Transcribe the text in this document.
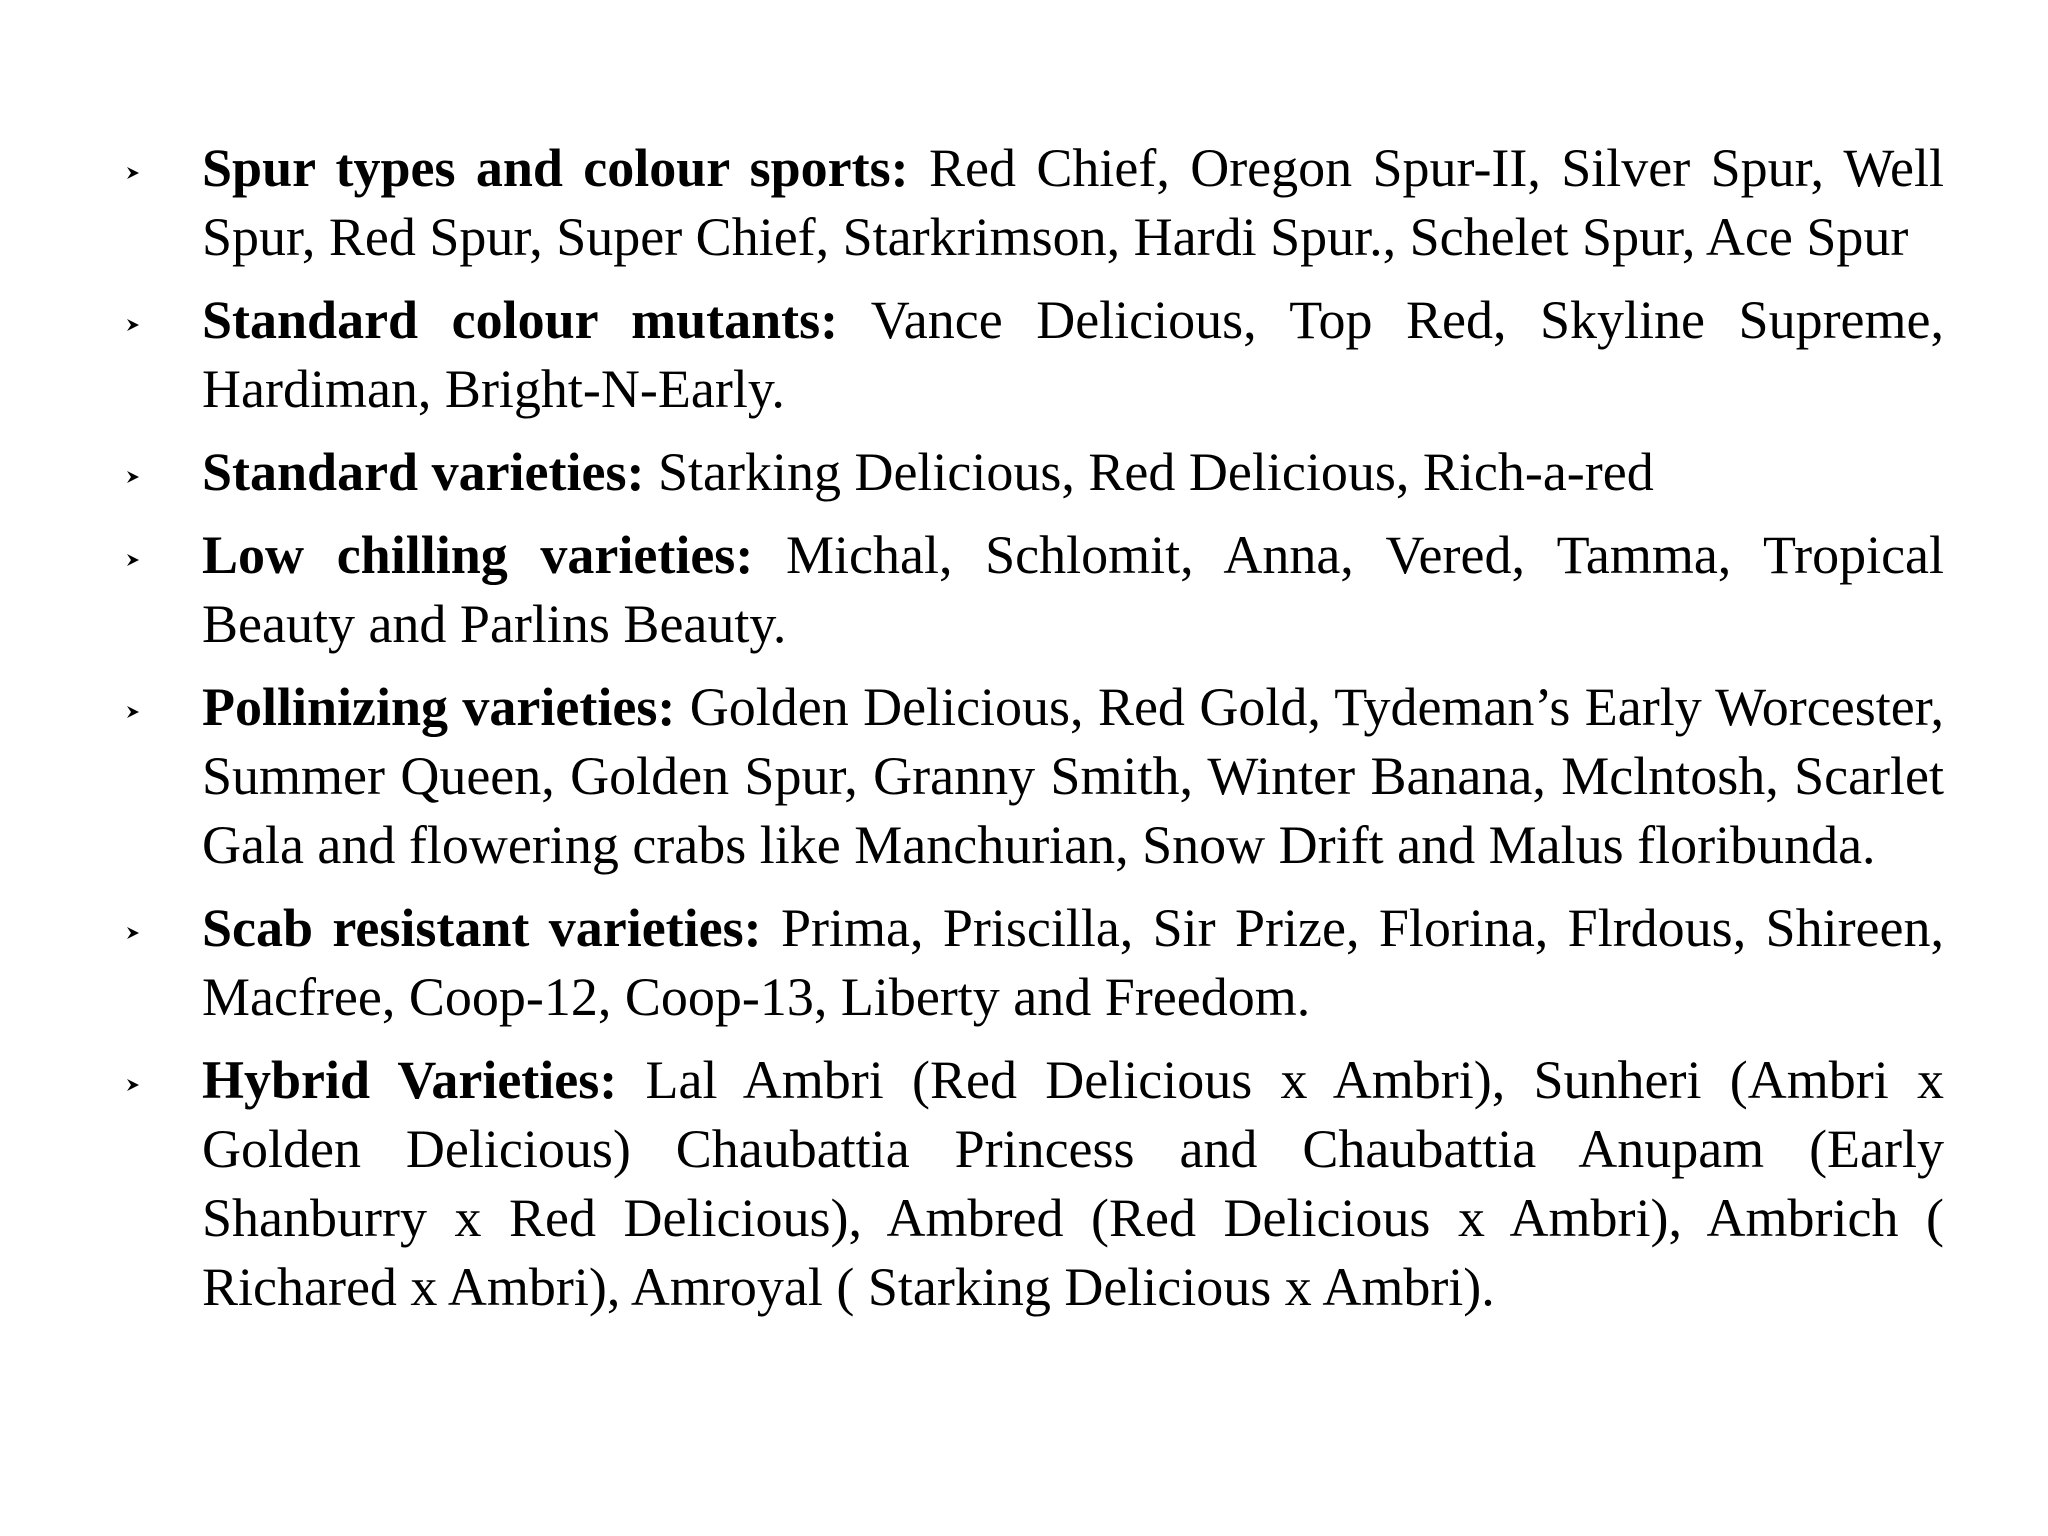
Spur types and colour sports: Red Chief, Oregon Spur-II, Silver Spur, Well Spur, Red Spur, Super Chief, Starkrimson, Hardi Spur., Schelet Spur, Ace Spur
Standard colour mutants: Vance Delicious, Top Red, Skyline Supreme, Hardiman, Bright-N-Early.
Standard varieties: Starking Delicious, Red Delicious, Rich-a-red
Low chilling varieties: Michal, Schlomit, Anna, Vered, Tamma, Tropical Beauty and Parlins Beauty.
Pollinizing varieties: Golden Delicious, Red Gold, Tydeman’s Early Worcester, Summer Queen, Golden Spur, Granny Smith, Winter Banana, Mclntosh, Scarlet Gala and flowering crabs like Manchurian, Snow Drift and Malus floribunda.
Scab resistant varieties: Prima, Priscilla, Sir Prize, Florina, Flrdous, Shireen, Macfree, Coop-12, Coop-13, Liberty and Freedom.
Hybrid Varieties: Lal Ambri (Red Delicious x Ambri), Sunheri (Ambri x Golden Delicious) Chaubattia Princess and Chaubattia Anupam (Early Shanburry x Red Delicious), Ambred (Red Delicious x Ambri), Ambrich ( Richared x Ambri), Amroyal ( Starking Delicious x Ambri).
